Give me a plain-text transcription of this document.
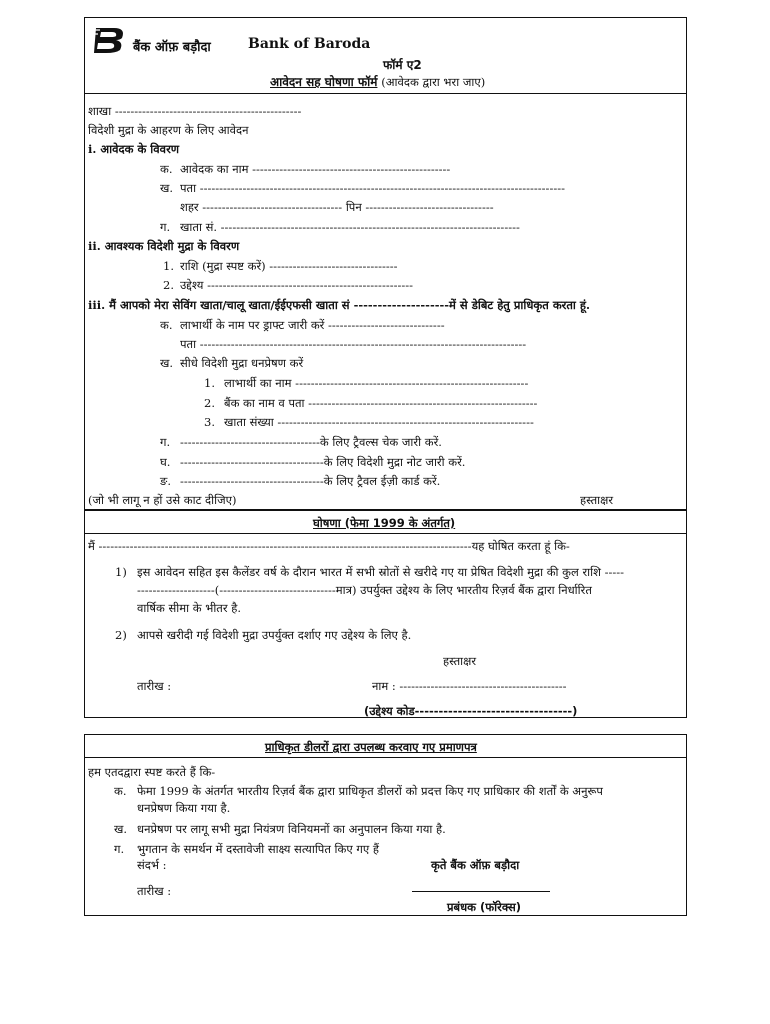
बैंक ऑफ़ बड़ौदा	Bank of Baroda
फॉर्म ए2
आवेदन सह घोषणा फॉर्म (आवेदक द्वारा भरा जाए)
शाखा ------------------------------------------------
विदेशी मुद्रा के आहरण के लिए आवेदन
i. आवेदक के विवरण
क. आवेदक का नाम ---------------------------------------------------
ख. पता ----------------------------------------------------------------------------------------------
शहर ------------------------------------ पिन ---------------------------------
ग. खाता सं. -----------------------------------------------------------------------------
ii. आवश्यक विदेशी मुद्रा के विवरण
1. राशि (मुद्रा स्पष्ट करें) ---------------------------------
2. उद्देश्य -----------------------------------------------------
iii. मैं आपको मेरा सेविंग खाता/चालू खाता/ईईएफसी खाता सं --------------------में से डेबिट हेतु प्राधिकृत करता हूं.
क. लाभार्थी के नाम पर ड्राफ्ट जारी करें ------------------------------
पता ------------------------------------------------------------------------------------
ख. सीधे विदेशी मुद्रा धनप्रेषण करें
1. लाभार्थी का नाम ------------------------------------------------------------
2. बैंक का नाम व पता -----------------------------------------------------------
3. खाता संख्या ------------------------------------------------------------------
ग. ------------------------------------के लिए ट्रैवल्स चेक जारी करें.
घ. -------------------------------------के लिए विदेशी मुद्रा नोट जारी करें.
ङ. -------------------------------------के लिए ट्रैवल ईज़ी कार्ड करें.
(जो भी लागू न हों उसे काट दीजिए)	हस्ताक्षर
घोषणा (फेमा 1999 के अंतर्गत)
मैं ------------------------------------------------------------------------------------------------यह घोषित करता हूं कि-
1) इस आवेदन सहित इस कैलेंडर वर्ष के दौरान भारत में सभी स्रोतों से खरीदे गए या प्रेषित विदेशी मुद्रा की कुल राशि -----
--------------------(------------------------------मात्र) उपर्युक्त उद्देश्य के लिए भारतीय रिज़र्व बैंक द्वारा निर्धारित
वार्षिक सीमा के भीतर है.
2) आपसे खरीदी गई विदेशी मुद्रा उपर्युक्त दर्शाए गए उद्देश्य के लिए है.
हस्ताक्षर
तारीख :	नाम : -------------------------------------------
(उद्देश्य कोड---------------------------------)
प्राधिकृत डीलरों द्वारा उपलब्ध करवाए गए प्रमाणपत्र
हम एतदद्वारा स्पष्ट करते हैं कि-
क. फेमा 1999 के अंतर्गत भारतीय रिज़र्व बैंक द्वारा प्राधिकृत डीलरों को प्रदत्त किए गए प्राधिकार की शर्तों के अनुरूप
धनप्रेषण किया गया है.
ख. धनप्रेषण पर लागू सभी मुद्रा नियंत्रण विनियमनों का अनुपालन किया गया है.
ग. भुगतान के समर्थन में दस्तावेजी साक्ष्य सत्यापित किए गए हैं
संदर्भ :	कृते बैंक ऑफ़ बड़ौदा
तारीख :
प्रबंधक (फॉरेक्स)
